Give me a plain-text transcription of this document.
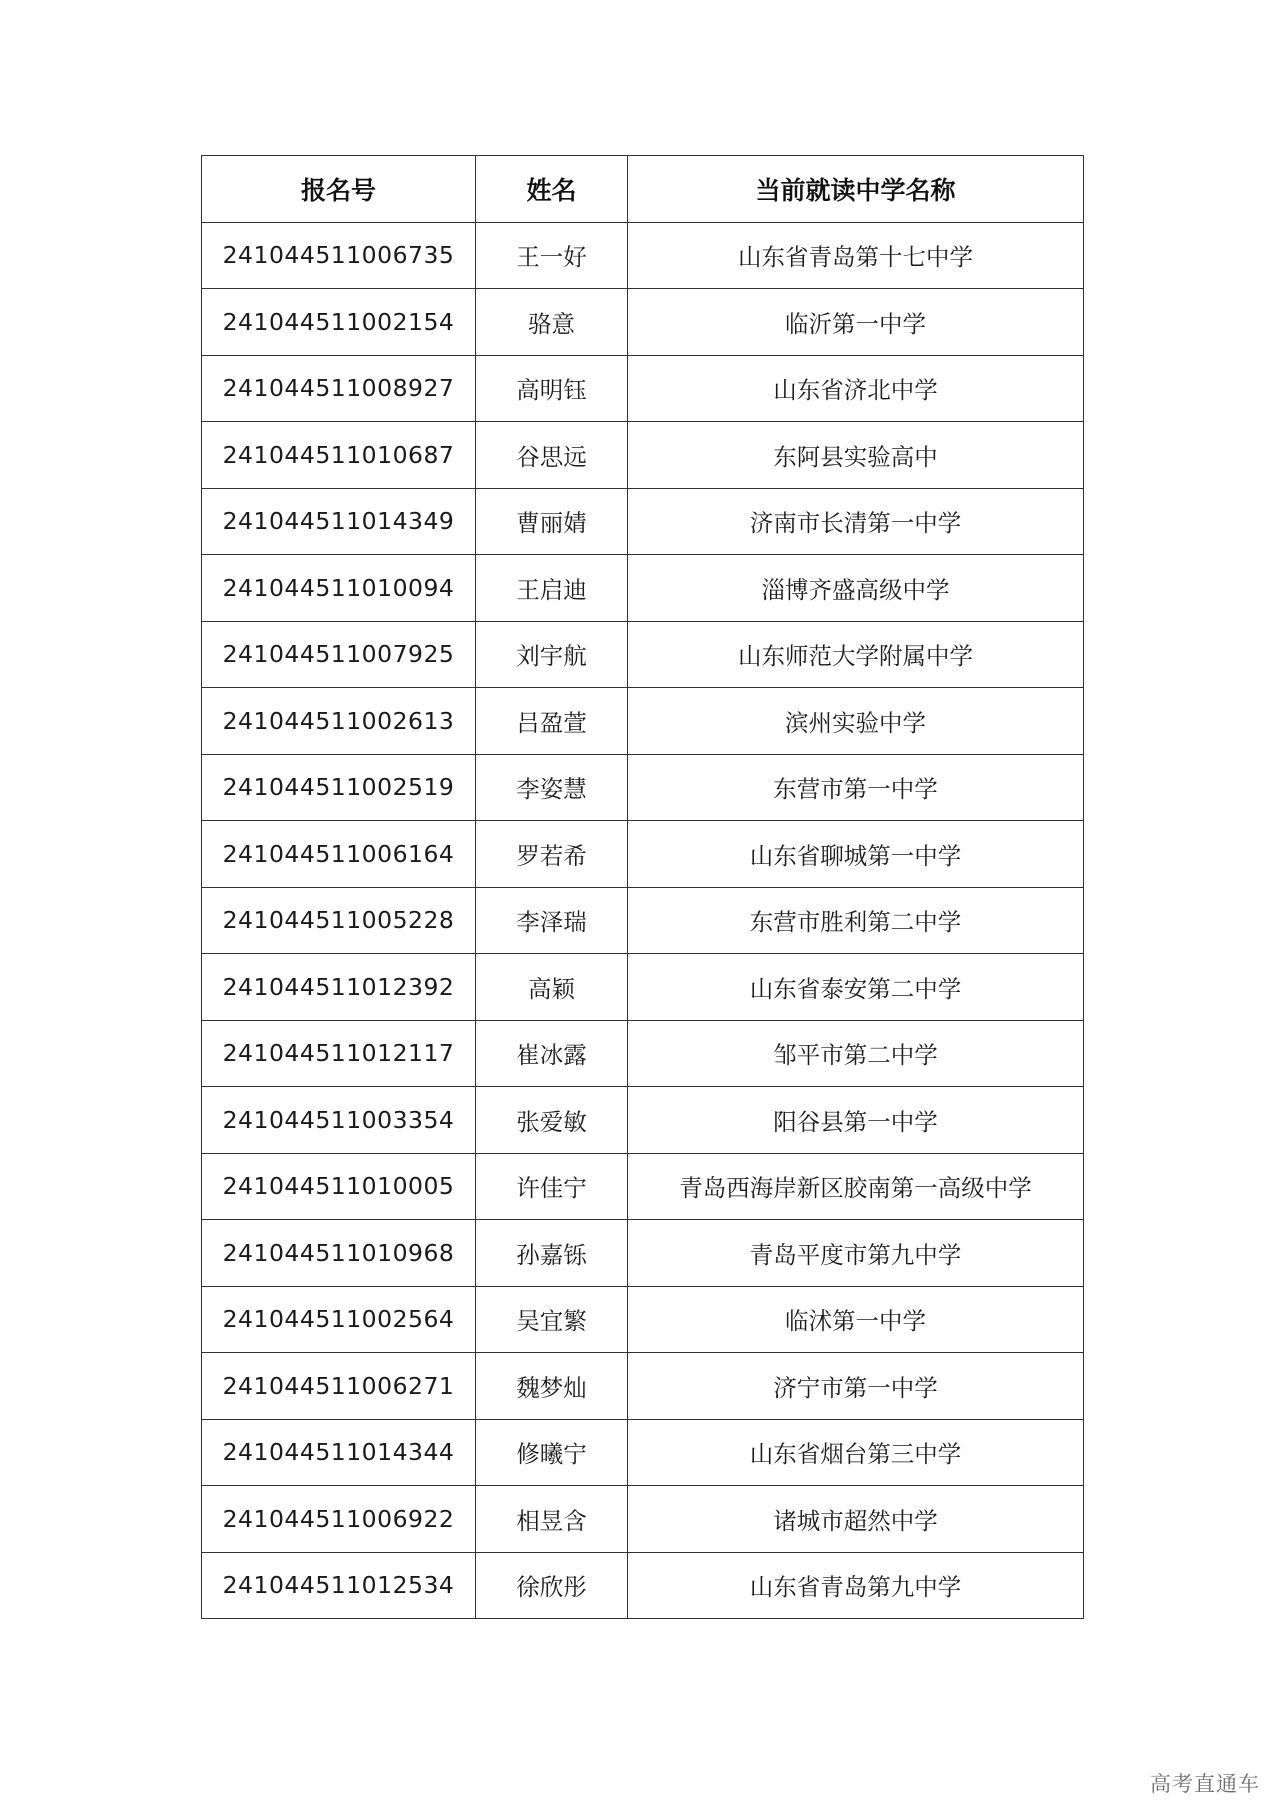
报名号	姓名	当前就读中学名称
241044511006735	王一好	山东省青岛第十七中学
241044511002154	骆意	临沂第一中学
241044511008927	高明钰	山东省济北中学
241044511010687	谷思远	东阿县实验高中
241044511014349	曹丽婧	济南市长清第一中学
241044511010094	王启迪	淄博齐盛高级中学
241044511007925	刘宇航	山东师范大学附属中学
241044511002613	吕盈萱	滨州实验中学
241044511002519	李姿慧	东营市第一中学
241044511006164	罗若希	山东省聊城第一中学
241044511005228	李泽瑞	东营市胜利第二中学
241044511012392	高颖	山东省泰安第二中学
241044511012117	崔冰露	邹平市第二中学
241044511003354	张爱敏	阳谷县第一中学
241044511010005	许佳宁	青岛西海岸新区胶南第一高级中学
241044511010968	孙嘉铄	青岛平度市第九中学
241044511002564	吴宜繁	临沭第一中学
241044511006271	魏梦灿	济宁市第一中学
241044511014344	修曦宁	山东省烟台第三中学
241044511006922	相昱含	诸城市超然中学
241044511012534	徐欣彤	山东省青岛第九中学
高考直通车
